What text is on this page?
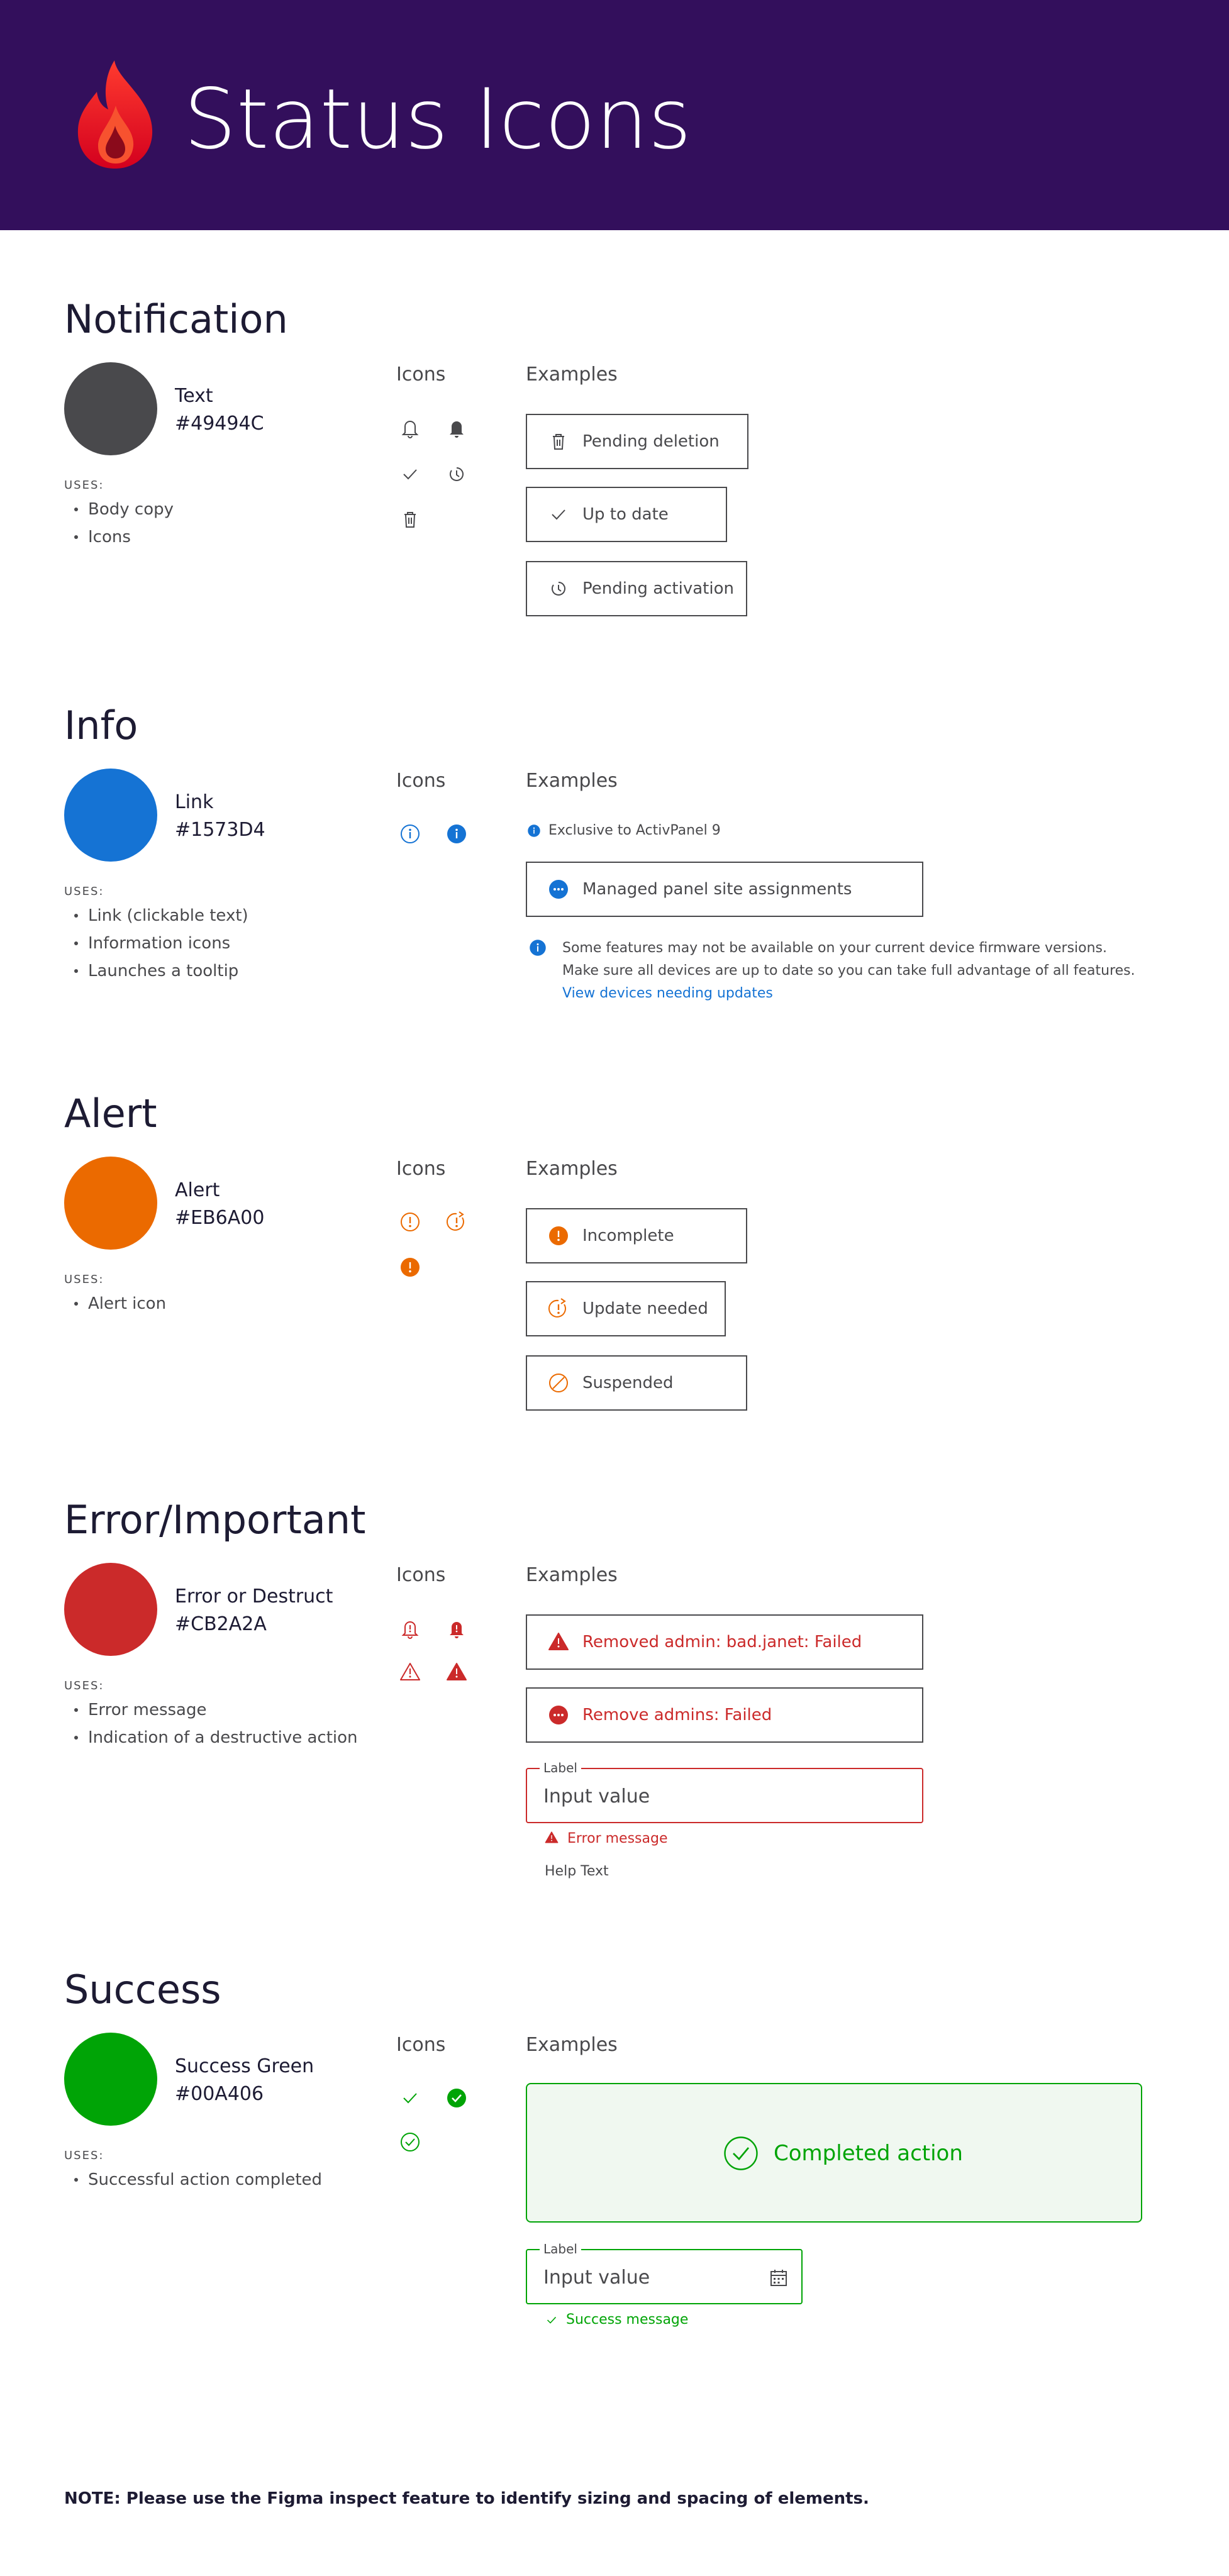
Status Icons
Notification
Text
#49494C
USES:
Body copy
Icons
Icons	Examples
Pending deletion
Up to date
Pending activation
Info
Link
#1573D4
USES:
Link (clickable text)
Information icons
Launches a tooltip
Icons	Examples
Exclusive to ActivPanel 9
Managed panel site assignments
Some features may not be available on your current device firmware versions. Make sure all devices are up to date so you can take full advantage of all features. View devices needing updates
Alert
Alert
#EB6A00
USES:
Alert icon
Icons	Examples
Incomplete
Update needed
Suspended
Error/Important
Error or Destruct
#CB2A2A
USES:
Error message
Indication of a destructive action
Icons	Examples
Removed admin: bad.janet: Failed
Remove admins: Failed
Label
Input value
Error message
Help Text
Success
Success Green
#00A406
USES:
Successful action completed
Icons	Examples
Completed action
Label
Input value
Success message
NOTE: Please use the Figma inspect feature to identify sizing and spacing of elements.
